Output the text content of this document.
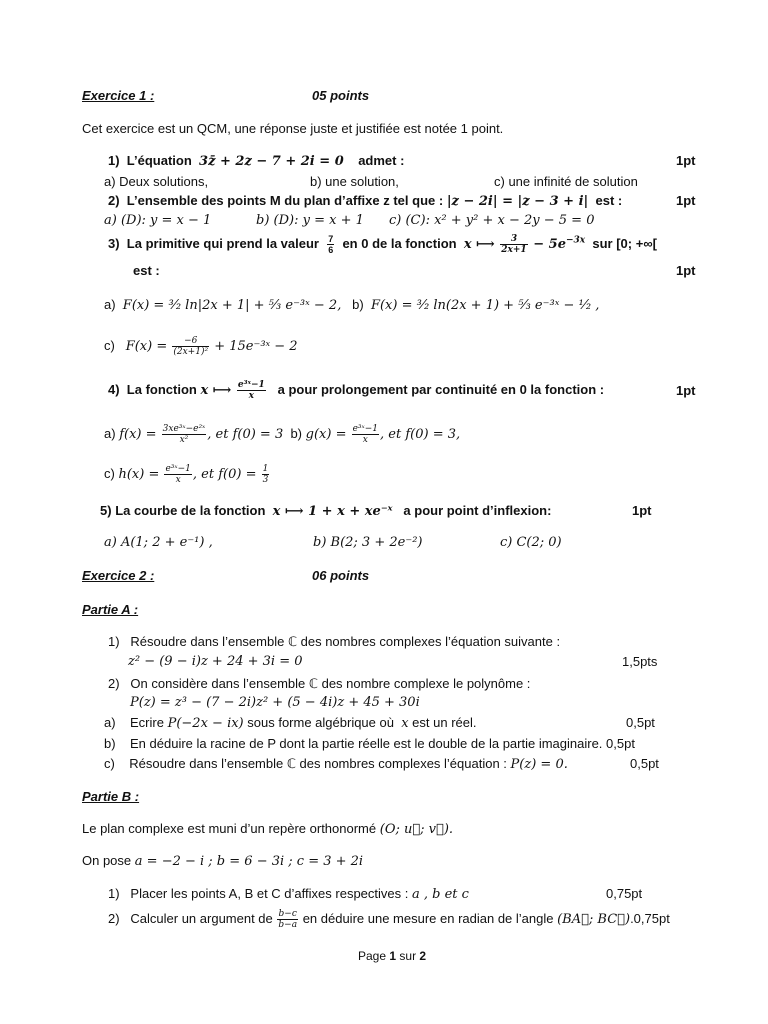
Exercice 1 :	05 points
Cet exercice est un QCM, une réponse juste et justifiée est notée 1 point.
1) L’équation 3z̄ + 2z − 7 + 2i = 0 admet :	1pt
a) Deux solutions,	b) une solution,	c) une infinité de solution
2) L’ensemble des points M du plan d’affixe z tel que : |z − 2i| = |z − 3 + i| est :	1pt
a) (D): y = x − 1	b) (D): y = x + 1 c) (C): x² + y² + x − 2y − 5 = 0
3) La primitive qui prend la valeur $\frac{7}{6}$ en 0 de la fonction x ⟼ $\frac{3}{2x+1} - 5e^{-3x}$ sur [0; +∞[
est :	1pt
a) F(x) = ³⁄₂ ln|2x + 1| + ⁵⁄₃ e⁻³ˣ − 2, b) F(x) = ³⁄₂ ln(2x + 1) + ⁵⁄₃ e⁻³ˣ − ¹⁄₂ ,
c) $F(x) = \frac{-6}{\text{(2x+1)²}}$ + 15e⁻³ˣ − 2
4) La fonction x ⟼ $\frac{\text{e³ˣ−1}}{x}$ a pour prolongement par continuité en 0 la fonction :	1pt
a) $f(x) = \frac{\text{3xe³ˣ−e²ˣ}}{\text{x²}}$ , et f(0) = 3 b) $g(x) = \frac{\text{e³ˣ−1}}{x}$ , et f(0) = 3,
c) $h(x) = \frac{\text{e³ˣ−1}}{x}$ , et $f(0) = \frac{1}{3}$
5) La courbe de la fonction x ⟼ 1 + x + xe⁻ˣ a pour point d’inflexion:	1pt
a) A(1; 2 + e⁻¹) ,	b) B(2; 3 + 2e⁻²)	c) C(2; 0)
Exercice 2 :	06 points
Partie A :
1) Résoudre dans l’ensemble ℂ des nombres complexes l’équation suivante :
z² − (9 − i)z + 24 + 3i = 0	1,5pts
2) On considère dans l’ensemble ℂ des nombre complexe le polynôme :
P(z) = z³ − (7 − 2i)z² + (5 − 4i)z + 45 + 30i
a) Ecrire P(−2x − ix) sous forme algébrique où x est un réel.	0,5pt
b) En déduire la racine de P dont la partie réelle est le double de la partie imaginaire. 0,5pt
c) Résoudre dans l’ensemble ℂ des nombres complexes l’équation : P(z) = 0.	0,5pt
Partie B :
Le plan complexe est muni d’un repère orthonormé (O; u⃗; v⃗).
On pose a = −2 − i ; b = 6 − 3i ; c = 3 + 2i
1) Placer les points A, B et C d’affixes respectives : a , b et c	0,75pt
2) Calculer un argument de $\frac{b-c}{b-a}$ en déduire une mesure en radian de l’angle (BA⃗; BC⃗).0,75pt
Page 1 sur 2
